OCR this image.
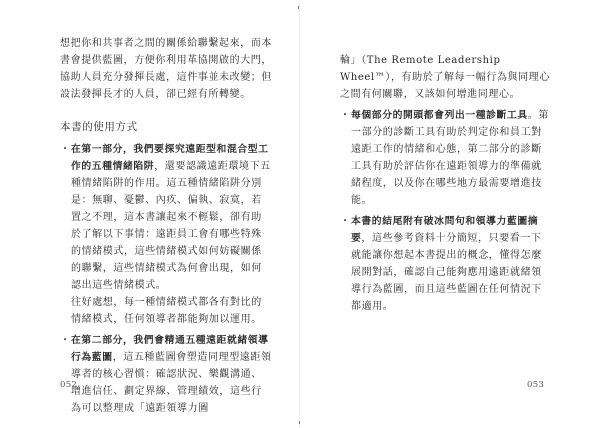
想把你和共事者之間的關係給聯繫起來，而本書會提供藍圖，方便你利用革協開啟的大門，協助人員充分發揮長處，這件事並未改變；但設法發揮長才的人員，卻已經有所轉變。

本書的使用方式
・ 在第一部分，我們要探究遠距型和混合型工作的五種情緒陷阱，還要認識遠距環境下五種情緒陷阱的作用。這五種情緒陷阱分別是：無聊、憂鬱、內疚、偏執、寂寞，若置之不理，這本書讓起來不輕鬆，卻有助於了解以下事情：遠距員工會有哪些特殊的情緒模式，這些情緒模式如何妨礙關係的聯繫，這些情緒模式為何會出現，如何認出這些情緒模式。
往好處想，每一種情緒模式都各有對比的情緒模式，任何領導者都能夠加以運用。
・ 在第二部分，我們會精通五種遠距就緒領導行為藍圖，這五種藍圖會塑造同理型遠距領導者的核心習慣：確認狀況、樂觀溝通、增進信任、劃定界線、管理績效，這些行為可以整理成「遠距領導力圖
052

輪」（The Remote Leadership Wheel™），有助於了解每一幅行為與同理心之間有何關聯，又該如何增進同理心。

・ 每個部分的開頭都會列出一種診斷工具。第一部分的診斷工具有助於判定你和員工對遠距工作的情緒和心態，第二部分的診斷工具有助於評估你在遠距領導力的準備就緒程度，以及你在哪些地方最需要增進技能。
・ 本書的結尾附有破冰問句和領導力藍圖摘要，這些參考資料十分簡短，只要看一下就能讓你想起本書提出的概念，懂得怎麼展開對話，確認自己能夠應用遠距就緒領導行為藍圖，而且這些藍圖在任何情況下都適用。
053
